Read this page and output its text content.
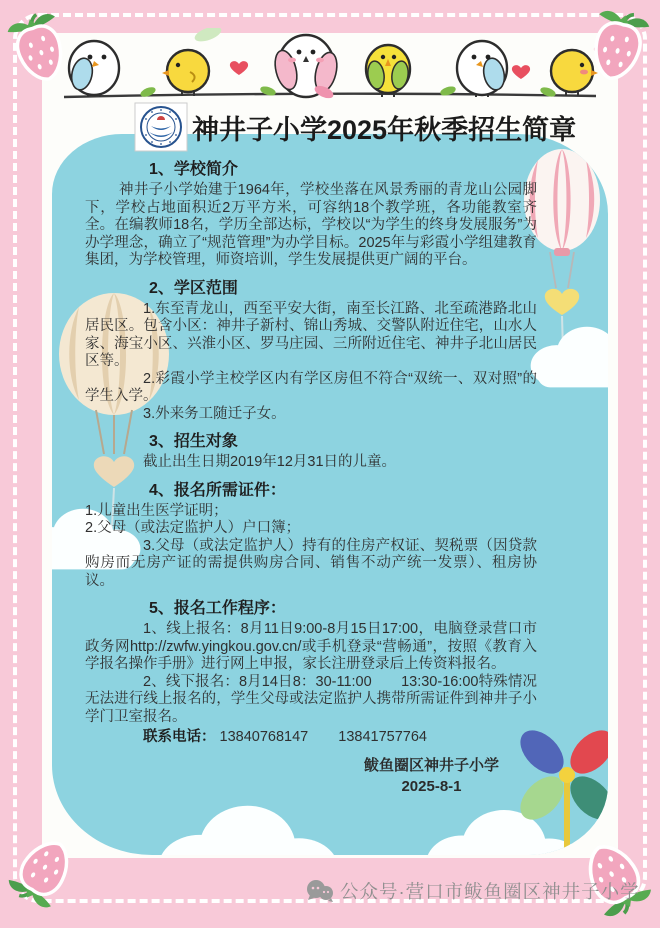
神井子小学2025年秋季招生简章
1、学校简介

神井子小学始建于1964年，学校坐落在风景秀丽的青龙山公园脚下，学校占地面积近2万平方米，可容纳18个教学班，各功能教室齐全。在编教师18名，学历全部达标，学校以“为学生的终身发展服务”为办学理念，确立了“规范管理”为办学目标。2025年与彩霞小学组建教育集团，为学校管理，师资培训，学生发展提供更广阔的平台。

2、学区范围

1.东至青龙山，西至平安大街，南至长江路、北至疏港路北山居民区。包含小区：神井子新村、锦山秀城、交警队附近住宅，山水人家、海宝小区、兴淮小区、罗马庄园、三所附近住宅、神井子北山居民区等。

2.彩霞小学主校学区内有学区房但不符合“双统一、双对照”的学生入学。

3.外来务工随迁子女。

3、招生对象

截止出生日期2019年12月31日的儿童。

4、报名所需证件：

1.儿童出生医学证明；

2.父母（或法定监护人）户口簿；

3.父母（或法定监护人）持有的住房产权证、契税票（因贷款购房而无房产证的需提供购房合同、销售不动产统一发票）、租房协议。

5、报名工作程序：

1、线上报名：8月11日9:00-8月15日17:00，电脑登录营口市政务网http://zwfw.yingkou.gov.cn/或手机登录“营畅通”，按照《教育入学报名操作手册》进行网上申报，家长注册登录后上传资料报名。

2、线下报名：8月14日8：30-11:00　　13:30-16:00特殊情况无法进行线上报名的，学生父母或法定监护人携带所需证件到神井子小学门卫室报名。

联系电话： 13840768147 13841757764

鲅鱼圈区神井子小学
2025-8-1
公众号·营口市鲅鱼圈区神井子小学
